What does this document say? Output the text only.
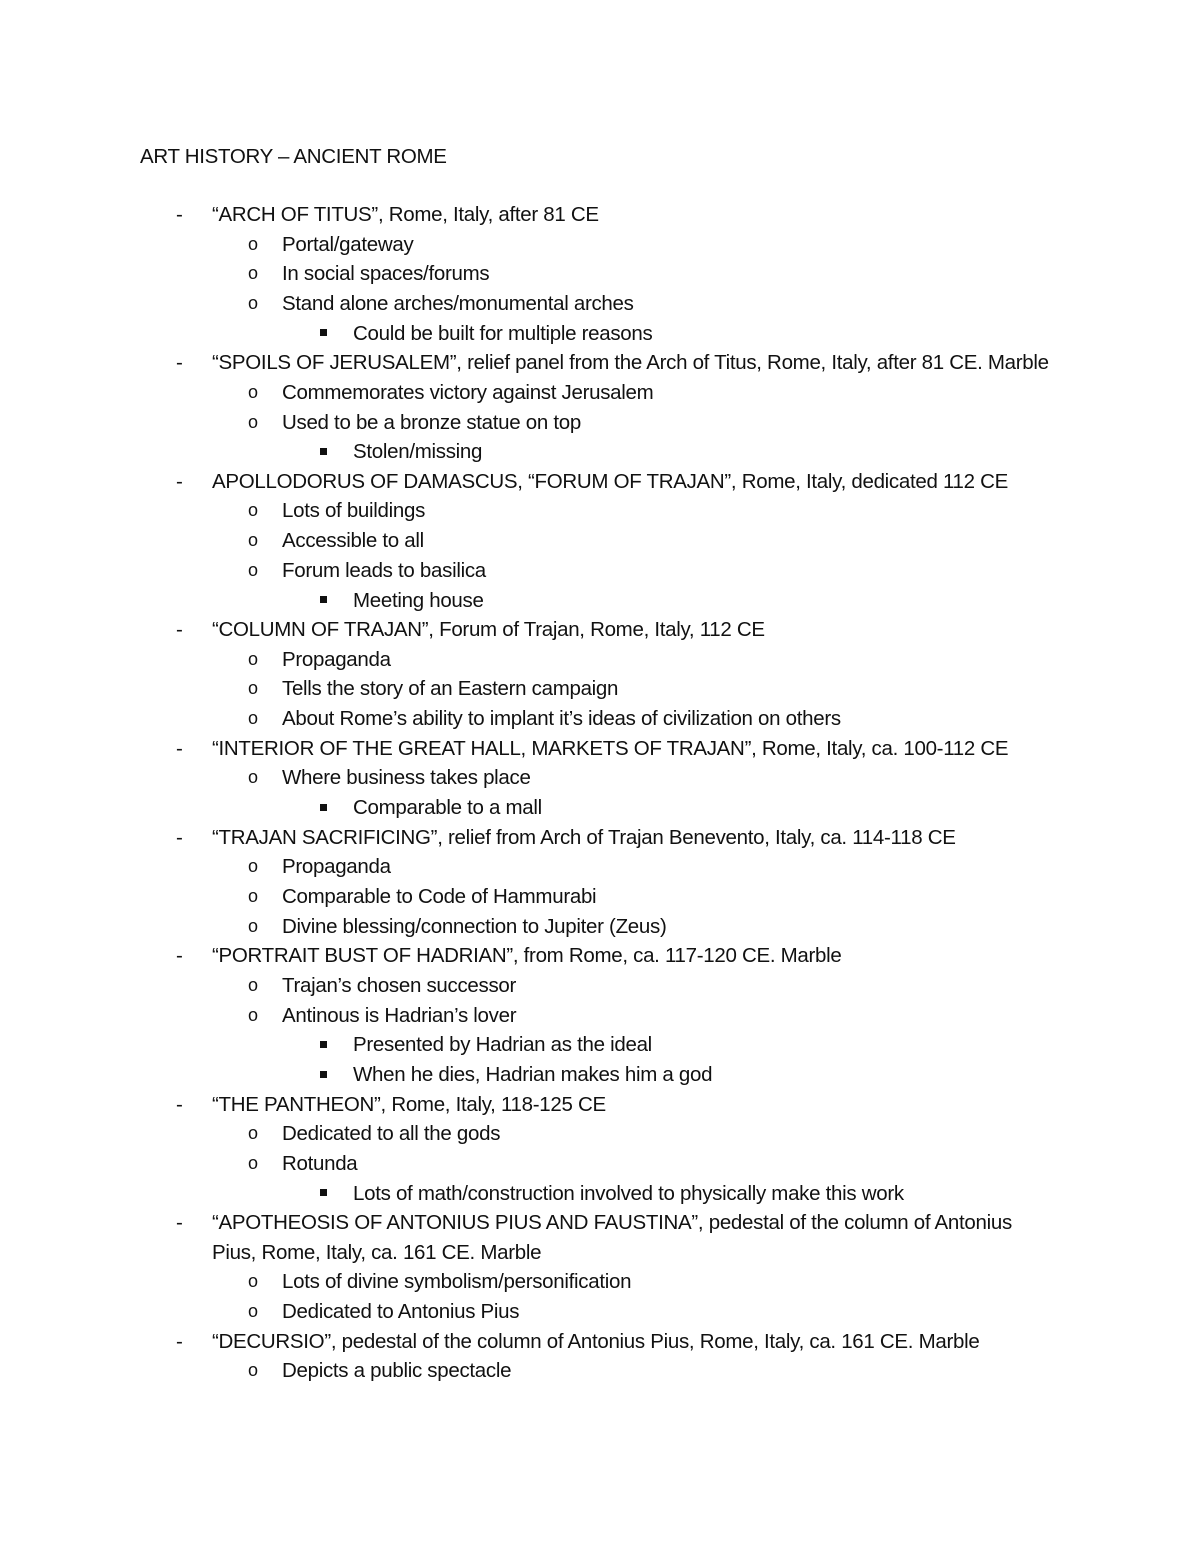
ART HISTORY – ANCIENT ROME
- “ARCH OF TITUS”, Rome, Italy, after 81 CE
o Portal/gateway
o In social spaces/forums
o Stand alone arches/monumental arches
Could be built for multiple reasons
- “SPOILS OF JERUSALEM”, relief panel from the Arch of Titus, Rome, Italy, after 81 CE. Marble
o Commemorates victory against Jerusalem
o Used to be a bronze statue on top
Stolen/missing
- APOLLODORUS OF DAMASCUS, “FORUM OF TRAJAN”, Rome, Italy, dedicated 112 CE
o Lots of buildings
o Accessible to all
o Forum leads to basilica
Meeting house
- “COLUMN OF TRAJAN”, Forum of Trajan, Rome, Italy, 112 CE
o Propaganda
o Tells the story of an Eastern campaign
o About Rome’s ability to implant it’s ideas of civilization on others
- “INTERIOR OF THE GREAT HALL, MARKETS OF TRAJAN”, Rome, Italy, ca. 100-112 CE
o Where business takes place
Comparable to a mall
- “TRAJAN SACRIFICING”, relief from Arch of Trajan Benevento, Italy, ca. 114-118 CE
o Propaganda
o Comparable to Code of Hammurabi
o Divine blessing/connection to Jupiter (Zeus)
- “PORTRAIT BUST OF HADRIAN”, from Rome, ca. 117-120 CE. Marble
o Trajan’s chosen successor
o Antinous is Hadrian’s lover
Presented by Hadrian as the ideal
When he dies, Hadrian makes him a god
- “THE PANTHEON”, Rome, Italy, 118-125 CE
o Dedicated to all the gods
o Rotunda
Lots of math/construction involved to physically make this work
- “APOTHEOSIS OF ANTONIUS PIUS AND FAUSTINA”, pedestal of the column of Antonius Pius, Rome, Italy, ca. 161 CE. Marble
o Lots of divine symbolism/personification
o Dedicated to Antonius Pius
- “DECURSIO”, pedestal of the column of Antonius Pius, Rome, Italy, ca. 161 CE. Marble
o Depicts a public spectacle
